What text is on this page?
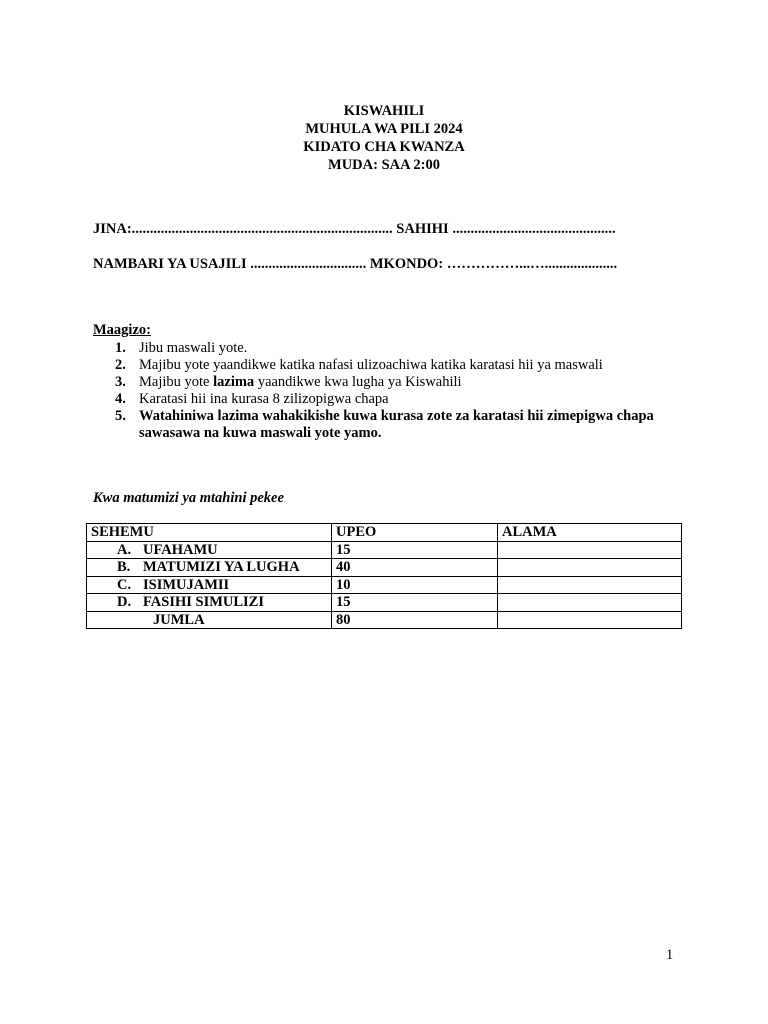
KISWAHILI
MUHULA WA PILI 2024
KIDATO CHA KWANZA
MUDA: SAA 2:00
JINA:........................................................................ SAHIHI .............................................
NAMBARI YA USAJILI ................................ MKONDO: ……………...…....................
Maagizo:
1. Jibu maswali yote.
2. Majibu yote yaandikwe katika nafasi ulizoachiwa katika karatasi hii ya maswali
3. Majibu yote lazima yaandikwe kwa lugha ya Kiswahili
4. Karatasi hii ina kurasa 8 zilizopigwa chapa
5. Watahiniwa lazima wahakikishe kuwa kurasa zote za karatasi hii zimepigwa chapa sawasawa na kuwa maswali yote yamo.
Kwa matumizi ya mtahini pekee
SEHEMU	UPEO	ALAMA
A. UFAHAMU	15	
B. MATUMIZI YA LUGHA	40	
C. ISIMUJAMII	10	
D. FASIHI SIMULIZI	15	
JUMLA	80	
1
